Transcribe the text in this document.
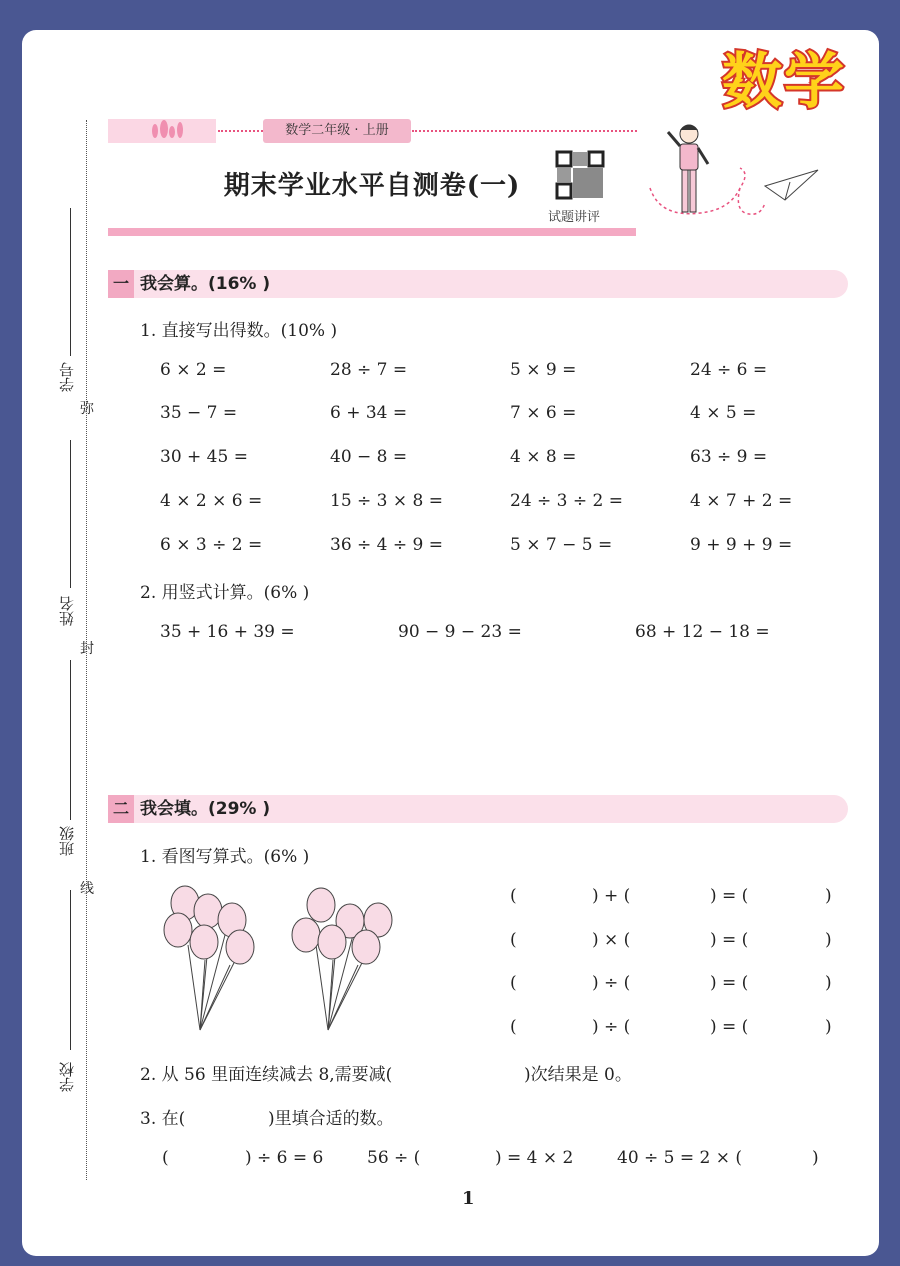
数学
数学二年级 · 上册
期末学业水平自测卷(一)
试题讲评
学号
姓名
班级
学校
弥
封
线
一 我会算。(16% )
1. 直接写出得数。(10% )
6 × 2 =	28 ÷ 7 =	5 × 9 =	24 ÷ 6 =
35 − 7 =	6 + 34 =	7 × 6 =	4 × 5 =
30 + 45 =	40 − 8 =	4 × 8 =	63 ÷ 9 =
4 × 2 × 6 =	15 ÷ 3 × 8 =	24 ÷ 3 ÷ 2 =	4 × 7 + 2 =
6 × 3 ÷ 2 =	36 ÷ 4 ÷ 9 =	5 × 7 − 5 =	9 + 9 + 9 =
2. 用竖式计算。(6% )
35 + 16 + 39 =	90 − 9 − 23 =	68 + 12 − 18 =
二 我会填。(29% )
1. 看图写算式。(6% )
(	) + (	) = (	)
(	) × (	) = (	)
(	) ÷ (	) = (	)
(	) ÷ (	) = (	)
2. 从 56 里面连续减去 8,需要减(	)次结果是 0。
3. 在(	)里填合适的数。
(	) ÷ 6 = 6	56 ÷ (	) = 4 × 2	40 ÷ 5 = 2 × (	)
1
